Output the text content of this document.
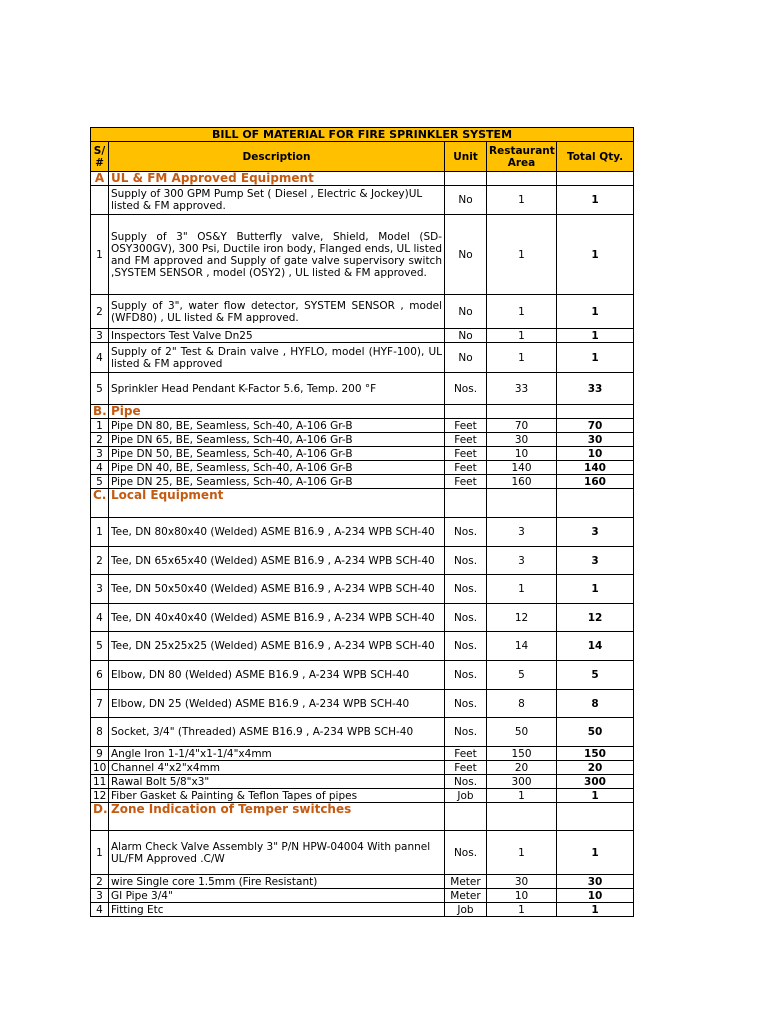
BILL OF MATERIAL FOR FIRE SPRINKLER SYSTEM				
S/ #	Description	Unit	Restaurant Area	Total Qty.
A	UL & FM Approved Equipment			
	Supply of 300 GPM Pump Set ( Diesel , Electric & Jockey)UL listed & FM approved.	No	1	1
1	Supply of 3" OS&Y Butterfly valve, Shield, Model (SD-OSY300GV), 300 Psi, Ductile iron body, Flanged ends, UL listed and FM approved and Supply of gate valve supervisory switch ,SYSTEM SENSOR , model (OSY2) , UL listed & FM approved.	No	1	1
2	Supply of 3", water flow detector, SYSTEM SENSOR , model (WFD80) , UL listed & FM approved.	No	1	1
3	Inspectors Test Valve Dn25	No	1	1
4	Supply of 2" Test & Drain valve , HYFLO, model (HYF-100), UL listed & FM approved	No	1	1
5	Sprinkler Head Pendant K-Factor 5.6, Temp. 200 °F	Nos.	33	33
B.	Pipe			
1	Pipe DN 80, BE, Seamless, Sch-40, A-106 Gr-B	Feet	70	70
2	Pipe DN 65, BE, Seamless, Sch-40, A-106 Gr-B	Feet	30	30
3	Pipe DN 50, BE, Seamless, Sch-40, A-106 Gr-B	Feet	10	10
4	Pipe DN 40, BE, Seamless, Sch-40, A-106 Gr-B	Feet	140	140
5	Pipe DN 25, BE, Seamless, Sch-40, A-106 Gr-B	Feet	160	160
C.	Local Equipment			
1	Tee, DN 80x80x40 (Welded) ASME B16.9 , A-234 WPB SCH-40	Nos.	3	3
2	Tee, DN 65x65x40 (Welded) ASME B16.9 , A-234 WPB SCH-40	Nos.	3	3
3	Tee, DN 50x50x40 (Welded) ASME B16.9 , A-234 WPB SCH-40	Nos.	1	1
4	Tee, DN 40x40x40 (Welded) ASME B16.9 , A-234 WPB SCH-40	Nos.	12	12
5	Tee, DN 25x25x25 (Welded) ASME B16.9 , A-234 WPB SCH-40	Nos.	14	14
6	Elbow, DN 80 (Welded) ASME B16.9 , A-234 WPB SCH-40	Nos.	5	5
7	Elbow, DN 25 (Welded) ASME B16.9 , A-234 WPB SCH-40	Nos.	8	8
8	Socket, 3/4" (Threaded) ASME B16.9 , A-234 WPB SCH-40	Nos.	50	50
9	Angle Iron 1-1/4"x1-1/4"x4mm	Feet	150	150
10	Channel 4"x2"x4mm	Feet	20	20
11	Rawal Bolt 5/8"x3"	Nos.	300	300
12	Fiber Gasket & Painting & Teflon Tapes of pipes	Job	1	1
D.	Zone Indication of Temper switches			
1	Alarm Check Valve Assembly 3" P/N HPW-04004 With pannel UL/FM Approved .C/W	Nos.	1	1
2	wire Single core 1.5mm (Fire Resistant)	Meter	30	30
3	GI Pipe 3/4"	Meter	10	10
4	Fitting Etc	Job	1	1
